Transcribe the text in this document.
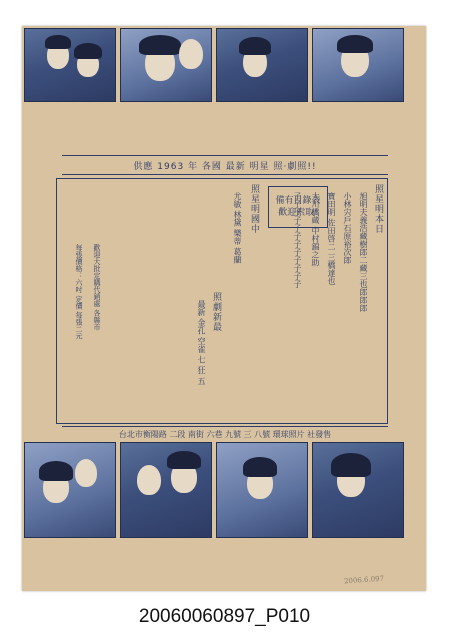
供應 1963 年 各國 最新 明星 照‧劇照!!
照星明本日
照星明國中
照劇新最	旭明夫義浩藏樹郎二藏三也郎郎郎
小林宍戶石原裕次郎
寶田明 佐田啓二 三橋達也
大川橋蔵 中村錦之助
子子子子子子子子子子子子
尤敏 林黛 樂蒂 葛蘭
最新 金孔 空雀 七 狂 五
備有目錄表
歡迎索取!
每張價格：六吋 定價 每張二元 歡迎大批定購代銷處 各縣市
台北市衡陽路 二段 南街 六巷 九號 三 八號 環球照片 社發售
2006.6.097
20060060897_P010
